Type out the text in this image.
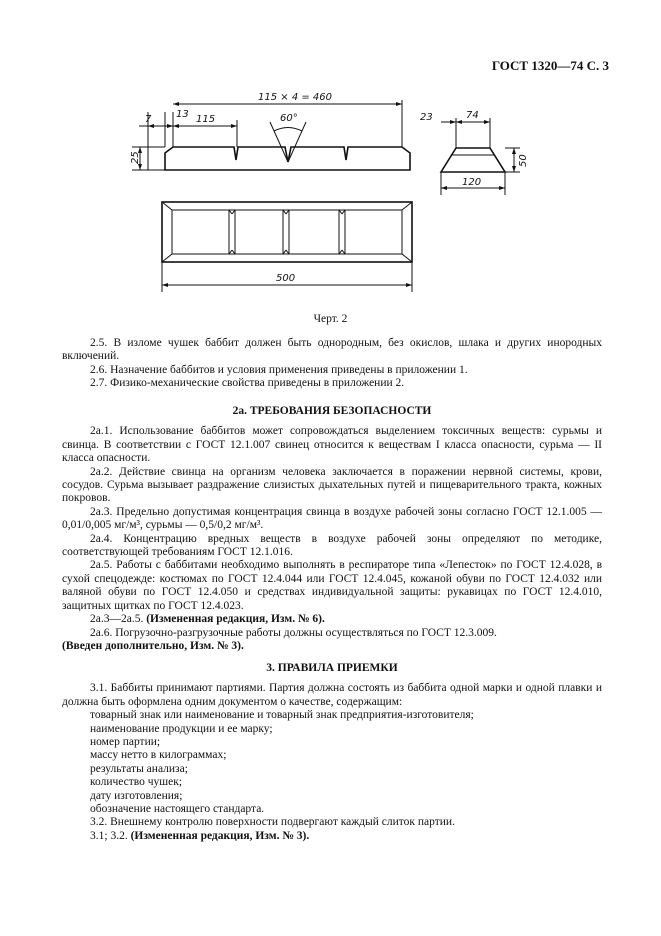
ГОСТ 1320—74 С. 3
115 × 4 = 460
7 13 115	60°
25
500
23	74
50
120
Черт. 2

2.5. В изломе чушек баббит должен быть однородным, без окислов, шлака и других инородных включений.

2.6. Назначение баббитов и условия применения приведены в приложении 1.

2.7. Физико-механические свойства приведены в приложении 2.

2а. ТРЕБОВАНИЯ БЕЗОПАСНОСТИ

2а.1. Использование баббитов может сопровождаться выделением токсичных веществ: сурьмы и свинца. В соответствии с ГОСТ 12.1.007 свинец относится к веществам I класса опасности, сурьма — II класса опасности.

2а.2. Действие свинца на организм человека заключается в поражении нервной системы, крови, сосудов. Сурьма вызывает раздражение слизистых дыхательных путей и пищеварительного тракта, кожных покровов.

2а.3. Предельно допустимая концентрация свинца в воздухе рабочей зоны согласно ГОСТ 12.1.005 — 0,01/0,005 мг/м³, сурьмы — 0,5/0,2 мг/м³.

2а.4. Концентрацию вредных веществ в воздухе рабочей зоны определяют по методике, соответствующей требованиям ГОСТ 12.1.016.

2а.5. Работы с баббитами необходимо выполнять в респираторе типа «Лепесток» по ГОСТ 12.4.028, в сухой спецодежде: костюмах по ГОСТ 12.4.044 или ГОСТ 12.4.045, кожаной обуви по ГОСТ 12.4.032 или валяной обуви по ГОСТ 12.4.050 и средствах индивидуальной защиты: рукавицах по ГОСТ 12.4.010, защитных щитках по ГОСТ 12.4.023.

2а.3—2а.5. (Измененная редакция, Изм. № 6).

2а.6. Погрузочно-разгрузочные работы должны осуществляться по ГОСТ 12.3.009.

(Введен дополнительно, Изм. № 3).

3. ПРАВИЛА ПРИЕМКИ

3.1. Баббиты принимают партиями. Партия должна состоять из баббита одной марки и одной плавки и должна быть оформлена одним документом о качестве, содержащим:

товарный знак или наименование и товарный знак предприятия-изготовителя;

наименование продукции и ее марку;

номер партии;

массу нетто в килограммах;

результаты анализа;

количество чушек;

дату изготовления;

обозначение настоящего стандарта.

3.2. Внешнему контролю поверхности подвергают каждый слиток партии.

3.1; 3.2. (Измененная редакция, Изм. № 3).
